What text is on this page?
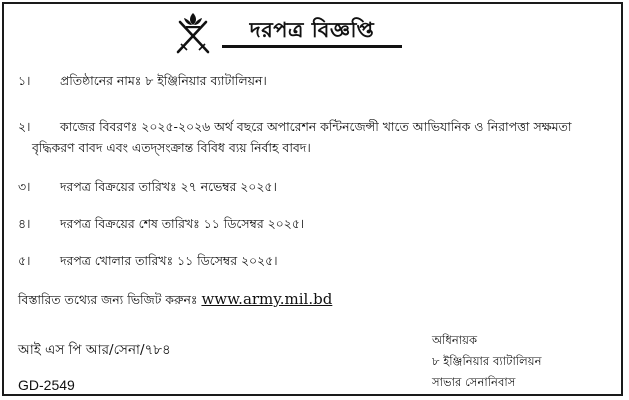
দরপত্র বিজ্ঞপ্তি
১।	প্রতিষ্ঠানের নামঃ ৮ ইঞ্জিনিয়ার ব্যাটালিয়ন।
২।	কাজের বিবরণঃ ২০২৫-২০২৬ অর্থ বছরে অপারেশন কন্টিনজেন্সী খাতে আভিযানিক ও নিরাপত্তা সক্ষমতা
বৃদ্ধিকরণ বাবদ এবং এতদ্সংক্রান্ত বিবিধ ব্যয় নির্বাহ বাবদ।
৩।	দরপত্র বিক্রয়ের তারিখঃ ২৭ নভেম্বর ২০২৫।
৪।	দরপত্র বিক্রয়ের শেষ তারিখঃ ১১ ডিসেম্বর ২০২৫।
৫।	দরপত্র খোলার তারিখঃ ১১ ডিসেম্বর ২০২৫।
বিস্তারিত তথ্যের জন্য ভিজিট করুনঃ www.army.mil.bd
আই এস পি আর/সেনা/৭৮৪
GD-2549
অধিনায়ক
৮ ইঞ্জিনিয়ার ব্যাটালিয়ন
সাভার সেনানিবাস
